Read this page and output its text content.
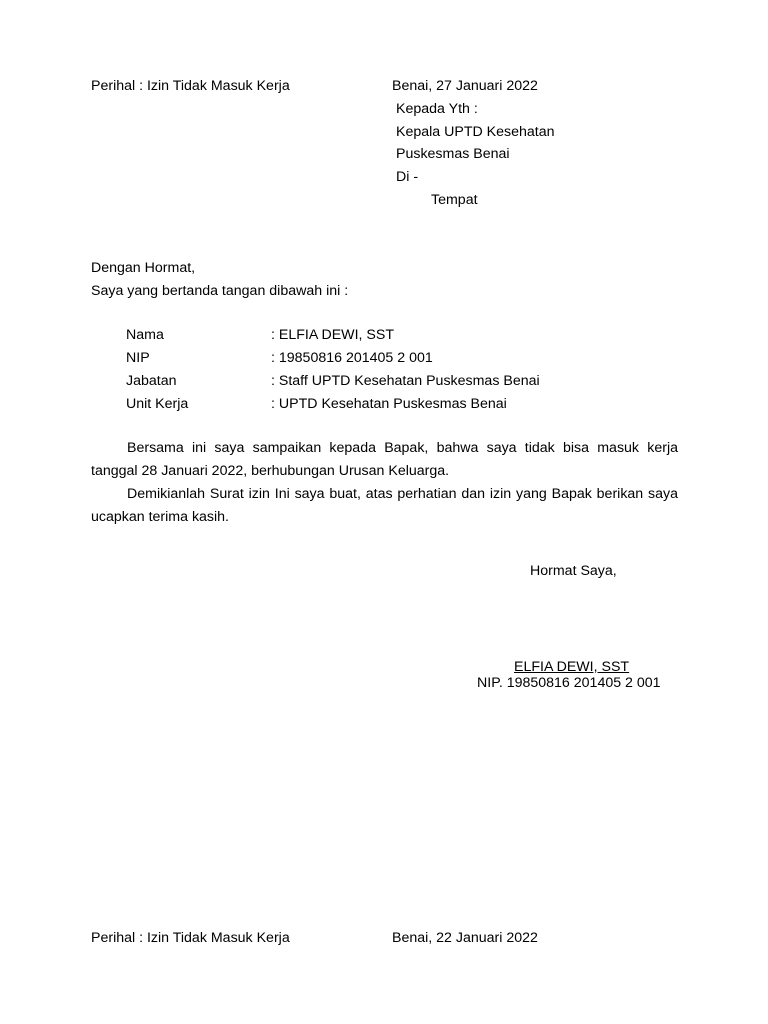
Perihal : Izin Tidak Masuk Kerja	Benai, 27 Januari 2022
Kepada Yth :
Kepala UPTD Kesehatan
Puskesmas Benai
Di -
Tempat
Dengan Hormat,
Saya yang bertanda tangan dibawah ini :
Nama	: ELFIA DEWI, SST
NIP	: 19850816 201405 2 001
Jabatan	: Staff UPTD Kesehatan Puskesmas Benai
Unit Kerja	: UPTD Kesehatan Puskesmas Benai

Bersama ini saya sampaikan kepada Bapak, bahwa saya tidak bisa masuk kerja tanggal 28 Januari 2022, berhubungan Urusan Keluarga.

Demikianlah Surat izin Ini saya buat, atas perhatian dan izin yang Bapak berikan saya ucapkan terima kasih.

Hormat Saya,
ELFIA DEWI, SST
NIP. 19850816 201405 2 001
Perihal : Izin Tidak Masuk Kerja	Benai, 22 Januari 2022
